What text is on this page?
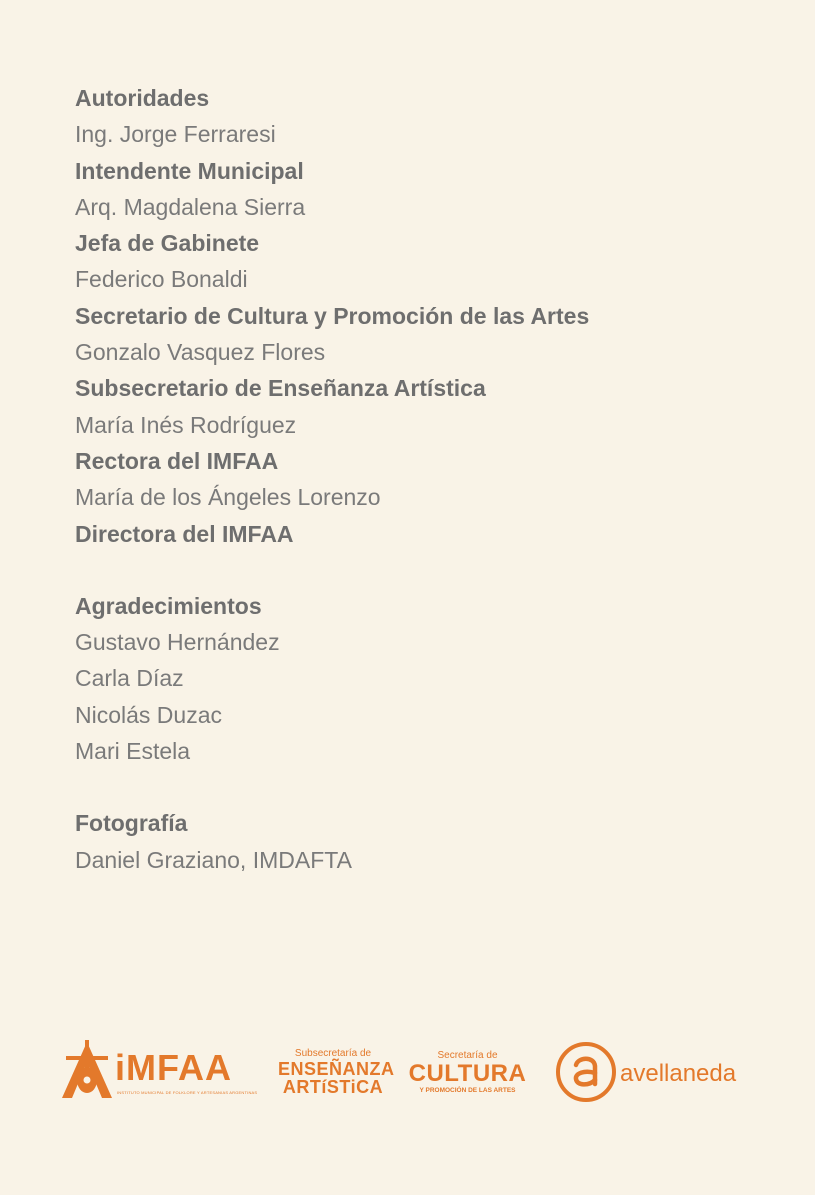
Autoridades

Ing. Jorge Ferraresi

Intendente Municipal

Arq. Magdalena Sierra

Jefa de Gabinete

Federico Bonaldi

Secretario de Cultura y Promoción de las Artes

Gonzalo Vasquez Flores

Subsecretario de Enseñanza Artística

María Inés Rodríguez

Rectora del IMFAA

María de los Ángeles Lorenzo

Directora del IMFAA

Agradecimientos

Gustavo Hernández

Carla Díaz

Nicolás Duzac

Mari Estela

Fotografía

Daniel Graziano, IMDAFTA

iMFAA
INSTITUTO MUNICIPAL DE FOLKLORE Y ARTESANIAS ARGENTINAS
Subsecretaría de
ENSEÑANZA
ARTíSTiCA
Secretaría de
CULTURA
Y PROMOCIÓN DE LAS ARTES
avellaneda
